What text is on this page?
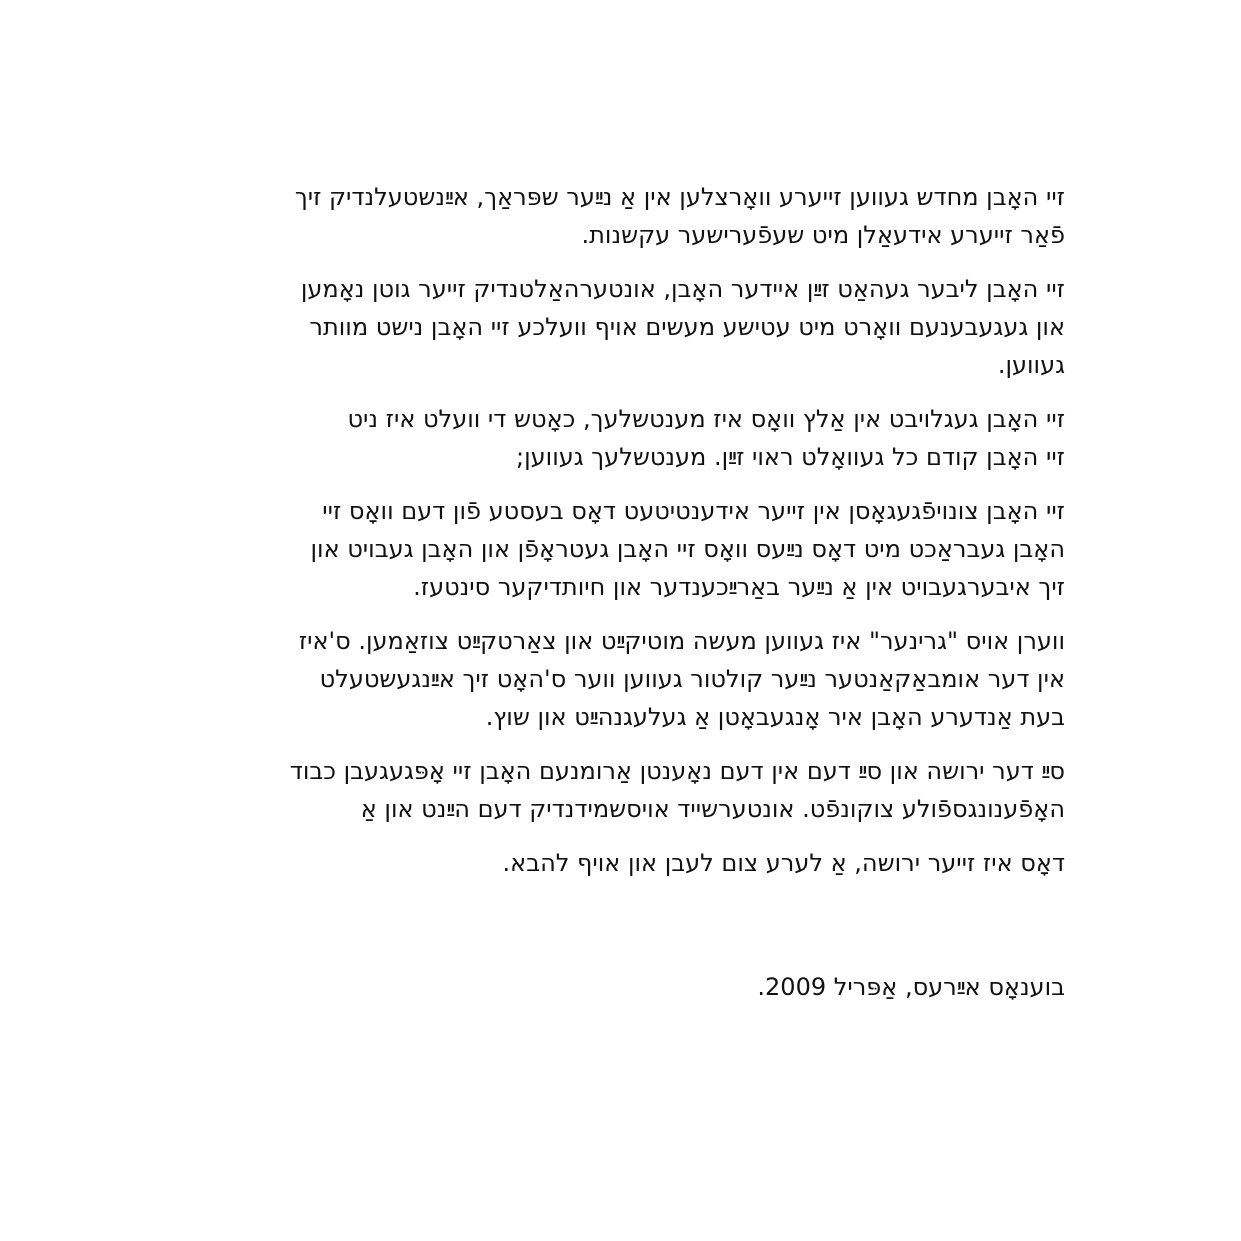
זיי האָבן מחדש געווען זייערע וואָרצלען אין אַ נײַער שפּראַך, אײַנשטעלנדיק זיך
פֿאַר זייערע אידעאַלן מיט שעפֿערישער עקשנות.
זיי האָבן ליבער געהאַט זײַן איידער האָבן, אונטערהאַלטנדיק זייער גוטן נאָמען
און געגעבענעם וואָרט מיט עטישע מעשים אויף וועלכע זיי האָבן נישט מוותר
געווען.
זיי האָבן געגלויבט אין אַלץ וואָס איז מענטשלעך, כאָטש די וועלט איז ניט
זיי האָבן קודם כל געוואָלט ראוי זײַן. מענטשלעך געווען;
זיי האָבן צונויפֿגעגאָסן אין זייער אידענטיטעט דאָס בעסטע פֿון דעם וואָס זיי
האָבן געבראַכט מיט דאָס נײַעס וואָס זיי האָבן געטראָפֿן און האָבן געבויט און
זיך איבערגעבויט אין אַ נײַער באַרײַכענדער און חיותדיקער סינטעז.
ווערן אויס "גרינער" איז געווען מעשה מוטיקײַט און צאַרטקײַט צוזאַמען. ס'איז
אין דער אומבאַקאַנטער נײַער קולטור געווען ווער ס'האָט זיך אײַנגעשטעלט
בעת אַנדערע האָבן איר אָנגעבאָטן אַ געלעגנהײַט און שוץ.
סײַ דער ירושה און סײַ דעם אין דעם נאָענטן אַרומנעם האָבן זיי אָפּגעגעבן כבוד
האָפֿענונגספֿולע צוקונפֿט. אונטערשייד אויסשמידנדיק דעם הײַנט און אַ
דאָס איז זייער ירושה, אַ לערע צום לעבן און אויף להבא.
בוענאָס אײַרעס, אַפּריל 2009.
